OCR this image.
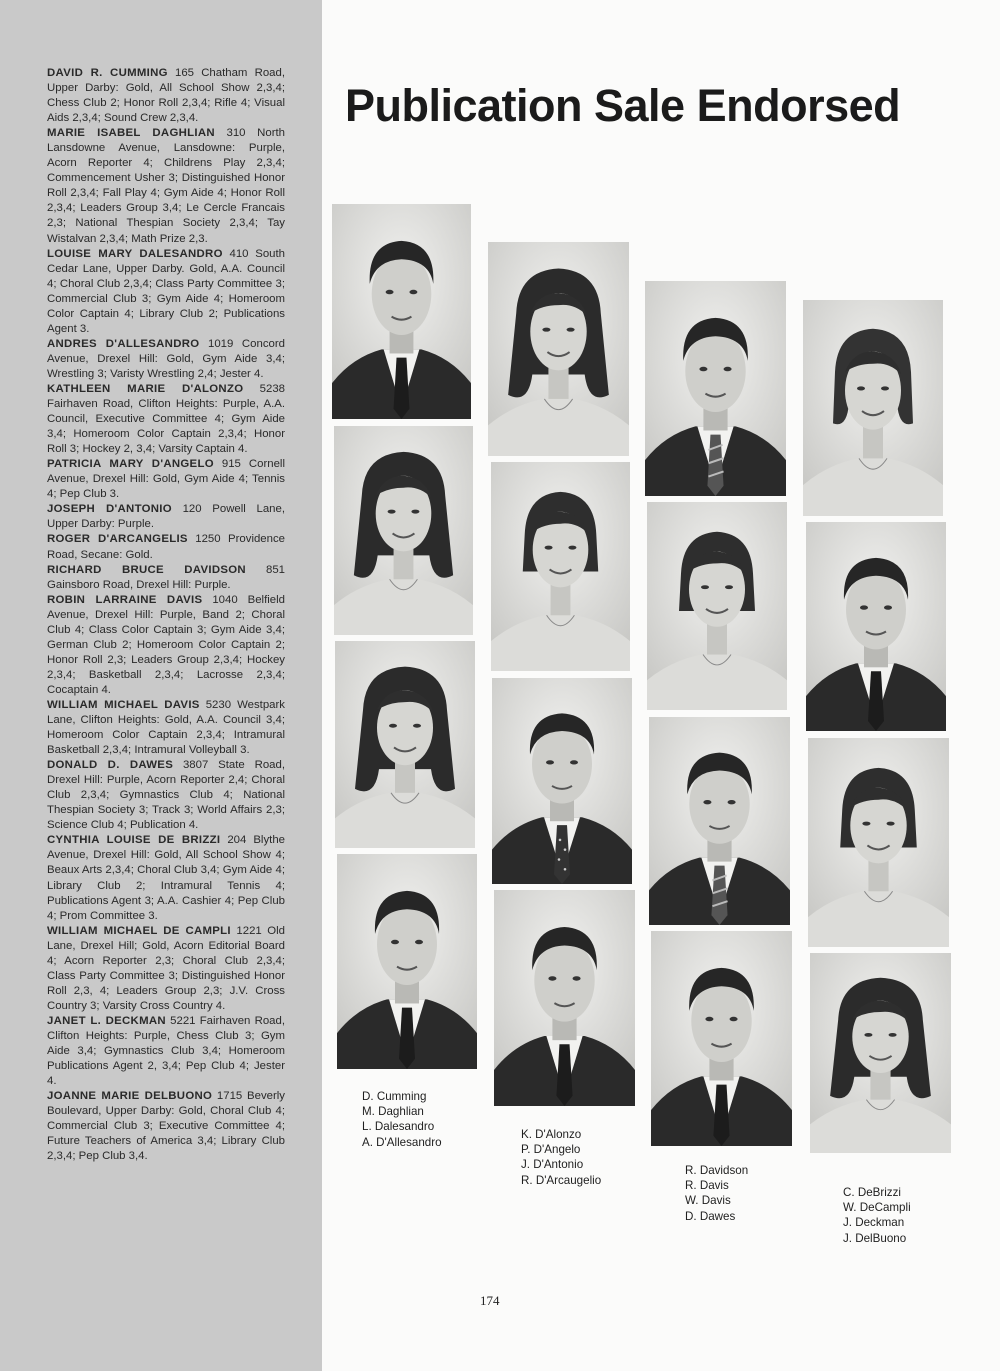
DAVID R. CUMMING 165 Chatham Road, Upper Darby: Gold, All School Show 2,3,4; Chess Club 2; Honor Roll 2,3,4; Rifle 4; Visual Aids 2,3,4; Sound Crew 2,3,4.
MARIE ISABEL DAGHLIAN 310 North Lansdowne Avenue, Lansdowne: Purple, Acorn Reporter 4; Childrens Play 2,3,4; Commencement Usher 3; Distinguished Honor Roll 2,3,4; Fall Play 4; Gym Aide 4; Honor Roll 2,3,4; Leaders Group 3,4; Le Cercle Francais 2,3; National Thespian Society 2,3,4; Tay Wistalvan 2,3,4; Math Prize 2,3.
LOUISE MARY DALESANDRO 410 South Cedar Lane, Upper Darby. Gold, A.A. Council 4; Choral Club 2,3,4; Class Party Committee 3; Commercial Club 3; Gym Aide 4; Homeroom Color Captain 4; Library Club 2; Publications Agent 3.
ANDRES D'ALLESANDRO 1019 Concord Avenue, Drexel Hill: Gold, Gym Aide 3,4; Wrestling 3; Varisty Wrestling 2,4; Jester 4.
KATHLEEN MARIE D'ALONZO 5238 Fairhaven Road, Clifton Heights: Purple, A.A. Council, Executive Committee 4; Gym Aide 3,4; Homeroom Color Captain 2,3,4; Honor Roll 3; Hockey 2, 3,4; Varsity Captain 4.
PATRICIA MARY D'ANGELO 915 Cornell Avenue, Drexel Hill: Gold, Gym Aide 4; Tennis 4; Pep Club 3.
JOSEPH D'ANTONIO 120 Powell Lane, Upper Darby: Purple.
ROGER D'ARCANGELIS 1250 Providence Road, Secane: Gold.
RICHARD BRUCE DAVIDSON 851 Gainsboro Road, Drexel Hill: Purple.
ROBIN LARRAINE DAVIS 1040 Belfield Avenue, Drexel Hill: Purple, Band 2; Choral Club 4; Class Color Captain 3; Gym Aide 3,4; German Club 2; Homeroom Color Captain 2; Honor Roll 2,3; Leaders Group 2,3,4; Hockey 2,3,4; Basketball 2,3,4; Lacrosse 2,3,4; Cocaptain 4.
WILLIAM MICHAEL DAVIS 5230 Westpark Lane, Clifton Heights: Gold, A.A. Council 3,4; Homeroom Color Captain 2,3,4; Intramural Basketball 2,3,4; Intramural Volleyball 3.
DONALD D. DAWES 3807 State Road, Drexel Hill: Purple, Acorn Reporter 2,4; Choral Club 2,3,4; Gymnastics Club 4; National Thespian Society 3; Track 3; World Affairs 2,3; Science Club 4; Publication 4.
CYNTHIA LOUISE DE BRIZZI 204 Blythe Avenue, Drexel Hill: Gold, All School Show 4; Beaux Arts 2,3,4; Choral Club 3,4; Gym Aide 4; Library Club 2; Intramural Tennis 4; Publications Agent 3; A.A. Cashier 4; Pep Club 4; Prom Committee 3.
WILLIAM MICHAEL DE CAMPLI 1221 Old Lane, Drexel Hill; Gold, Acorn Editorial Board 4; Acorn Reporter 2,3; Choral Club 2,3,4; Class Party Committee 3; Distinguished Honor Roll 2,3, 4; Leaders Group 2,3; J.V. Cross Country 3; Varsity Cross Country 4.
JANET L. DECKMAN 5221 Fairhaven Road, Clifton Heights: Purple, Chess Club 3; Gym Aide 3,4; Gymnastics Club 3,4; Homeroom Publications Agent 2, 3,4; Pep Club 4; Jester 4.
JOANNE MARIE DELBUONO 1715 Beverly Boulevard, Upper Darby: Gold, Choral Club 4; Commercial Club 3; Executive Committee 4; Future Teachers of America 3,4; Library Club 2,3,4; Pep Club 3,4.
Publication Sale Endorsed
D. Cumming
M. Daghlian
L. Dalesandro
A. D'Allesandro
K. D'Alonzo
P. D'Angelo
J. D'Antonio
R. D'Arcaugelio
R. Davidson
R. Davis
W. Davis
D. Dawes
C. DeBrizzi
W. DeCampli
J. Deckman
J. DelBuono
174
